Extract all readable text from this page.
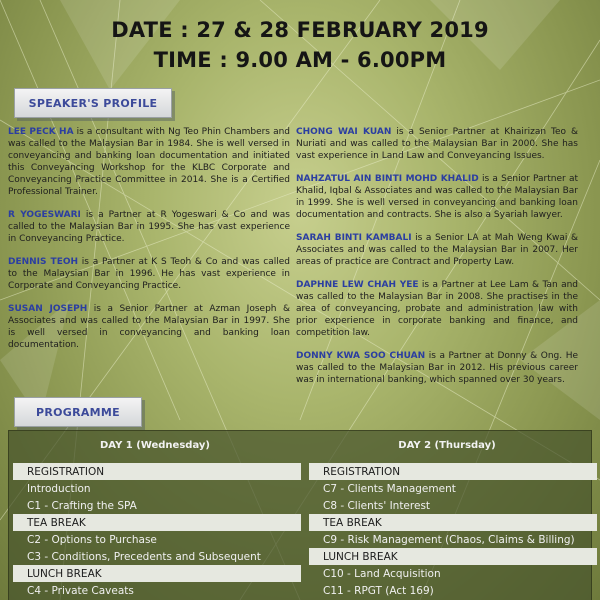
DATE : 27 & 28 FEBRUARY 2019
TIME : 9.00 AM - 6.00PM
SPEAKER'S PROFILE

LEE PECK HA is a consultant with Ng Teo Phin Chambers and was called to the Malaysian Bar in 1984. She is well versed in conveyancing and banking loan documentation and initiated this Conveyancing Workshop for the KLBC Corporate and Conveyancing Practice Committee in 2014. She is a Certified Professional Trainer.

R YOGESWARI is a Partner at R Yogeswari & Co and was called to the Malaysian Bar in 1995. She has vast experience in Conveyancing Practice.

DENNIS TEOH is a Partner at K S Teoh & Co and was called to the Malaysian Bar in 1996. He has vast experience in Corporate and Conveyancing Practice.

SUSAN JOSEPH is a Senior Partner at Azman Joseph & Associates and was called to the Malaysian Bar in 1997. She is well versed in conveyancing and banking loan documentation.

CHONG WAI KUAN is a Senior Partner at Khairizan Teo & Nuriati and was called to the Malaysian Bar in 2000. She has vast experience in Land Law and Conveyancing Issues.

NAHZATUL AIN BINTI MOHD KHALID is a Senior Partner at Khalid, Iqbal & Associates and was called to the Malaysian Bar in 1999. She is well versed in conveyancing and banking loan documentation and contracts. She is also a Syariah lawyer.

SARAH BINTI KAMBALI is a Senior LA at Mah Weng Kwai & Associates and was called to the Malaysian Bar in 2007. Her areas of practice are Contract and Property Law.

DAPHNE LEW CHAH YEE is a Partner at Lee Lam & Tan and was called to the Malaysian Bar in 2008. She practises in the area of conveyancing, probate and administration law with prior experience in corporate banking and finance, and competition law.

DONNY KWA SOO CHUAN is a Partner at Donny & Ong. He was called to the Malaysian Bar in 2012. His previous career was in international banking, which spanned over 30 years.

PROGRAMME
DAY 1 (Wednesday)	DAY 2 (Thursday)
REGISTRATION
Introduction
C1 - Crafting the SPA
TEA BREAK
C2 - Options to Purchase
C3 - Conditions, Precedents and Subsequent
LUNCH BREAK
C4 - Private Caveats
REGISTRATION
C7 - Clients Management
C8 - Clients' Interest
TEA BREAK
C9 - Risk Management (Chaos, Claims & Billing)
LUNCH BREAK
C10 - Land Acquisition
C11 - RPGT (Act 169)
